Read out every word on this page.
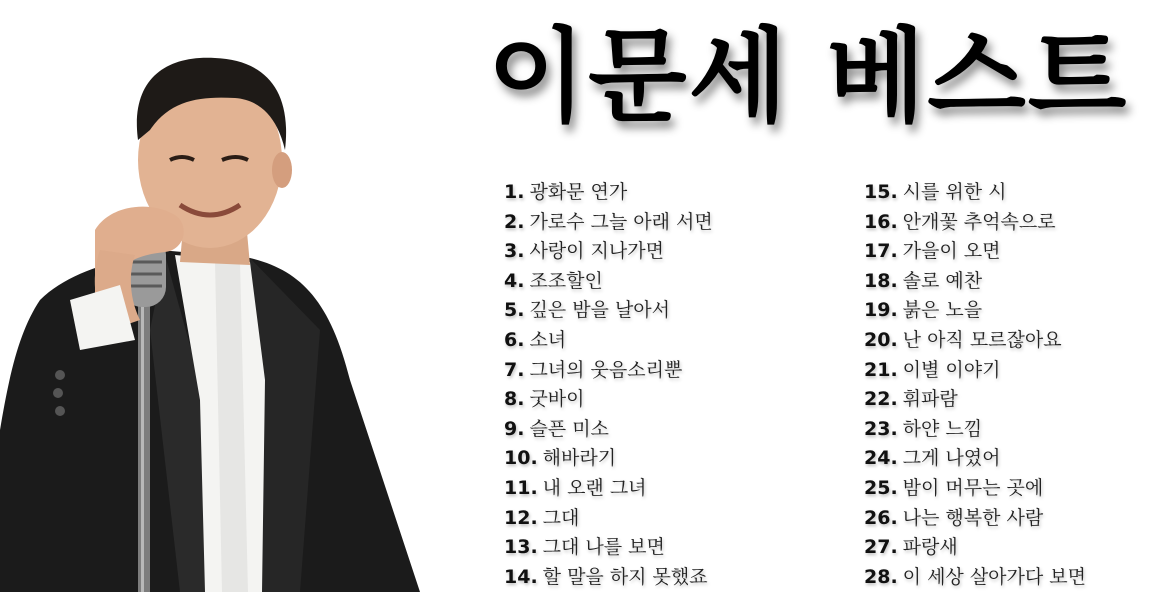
이문세 베스트
1. 광화문 연가
2. 가로수 그늘 아래 서면
3. 사랑이 지나가면
4. 조조할인
5. 깊은 밤을 날아서
6. 소녀
7. 그녀의 웃음소리뿐
8. 굿바이
9. 슬픈 미소
10. 해바라기
11. 내 오랜 그녀
12. 그대
13. 그대 나를 보면
14. 할 말을 하지 못했죠
15. 시를 위한 시
16. 안개꽃 추억속으로
17. 가을이 오면
18. 솔로 예찬
19. 붉은 노을
20. 난 아직 모르잖아요
21. 이별 이야기
22. 휘파람
23. 하얀 느낌
24. 그게 나였어
25. 밤이 머무는 곳에
26. 나는 행복한 사람
27. 파랑새
28. 이 세상 살아가다 보면
